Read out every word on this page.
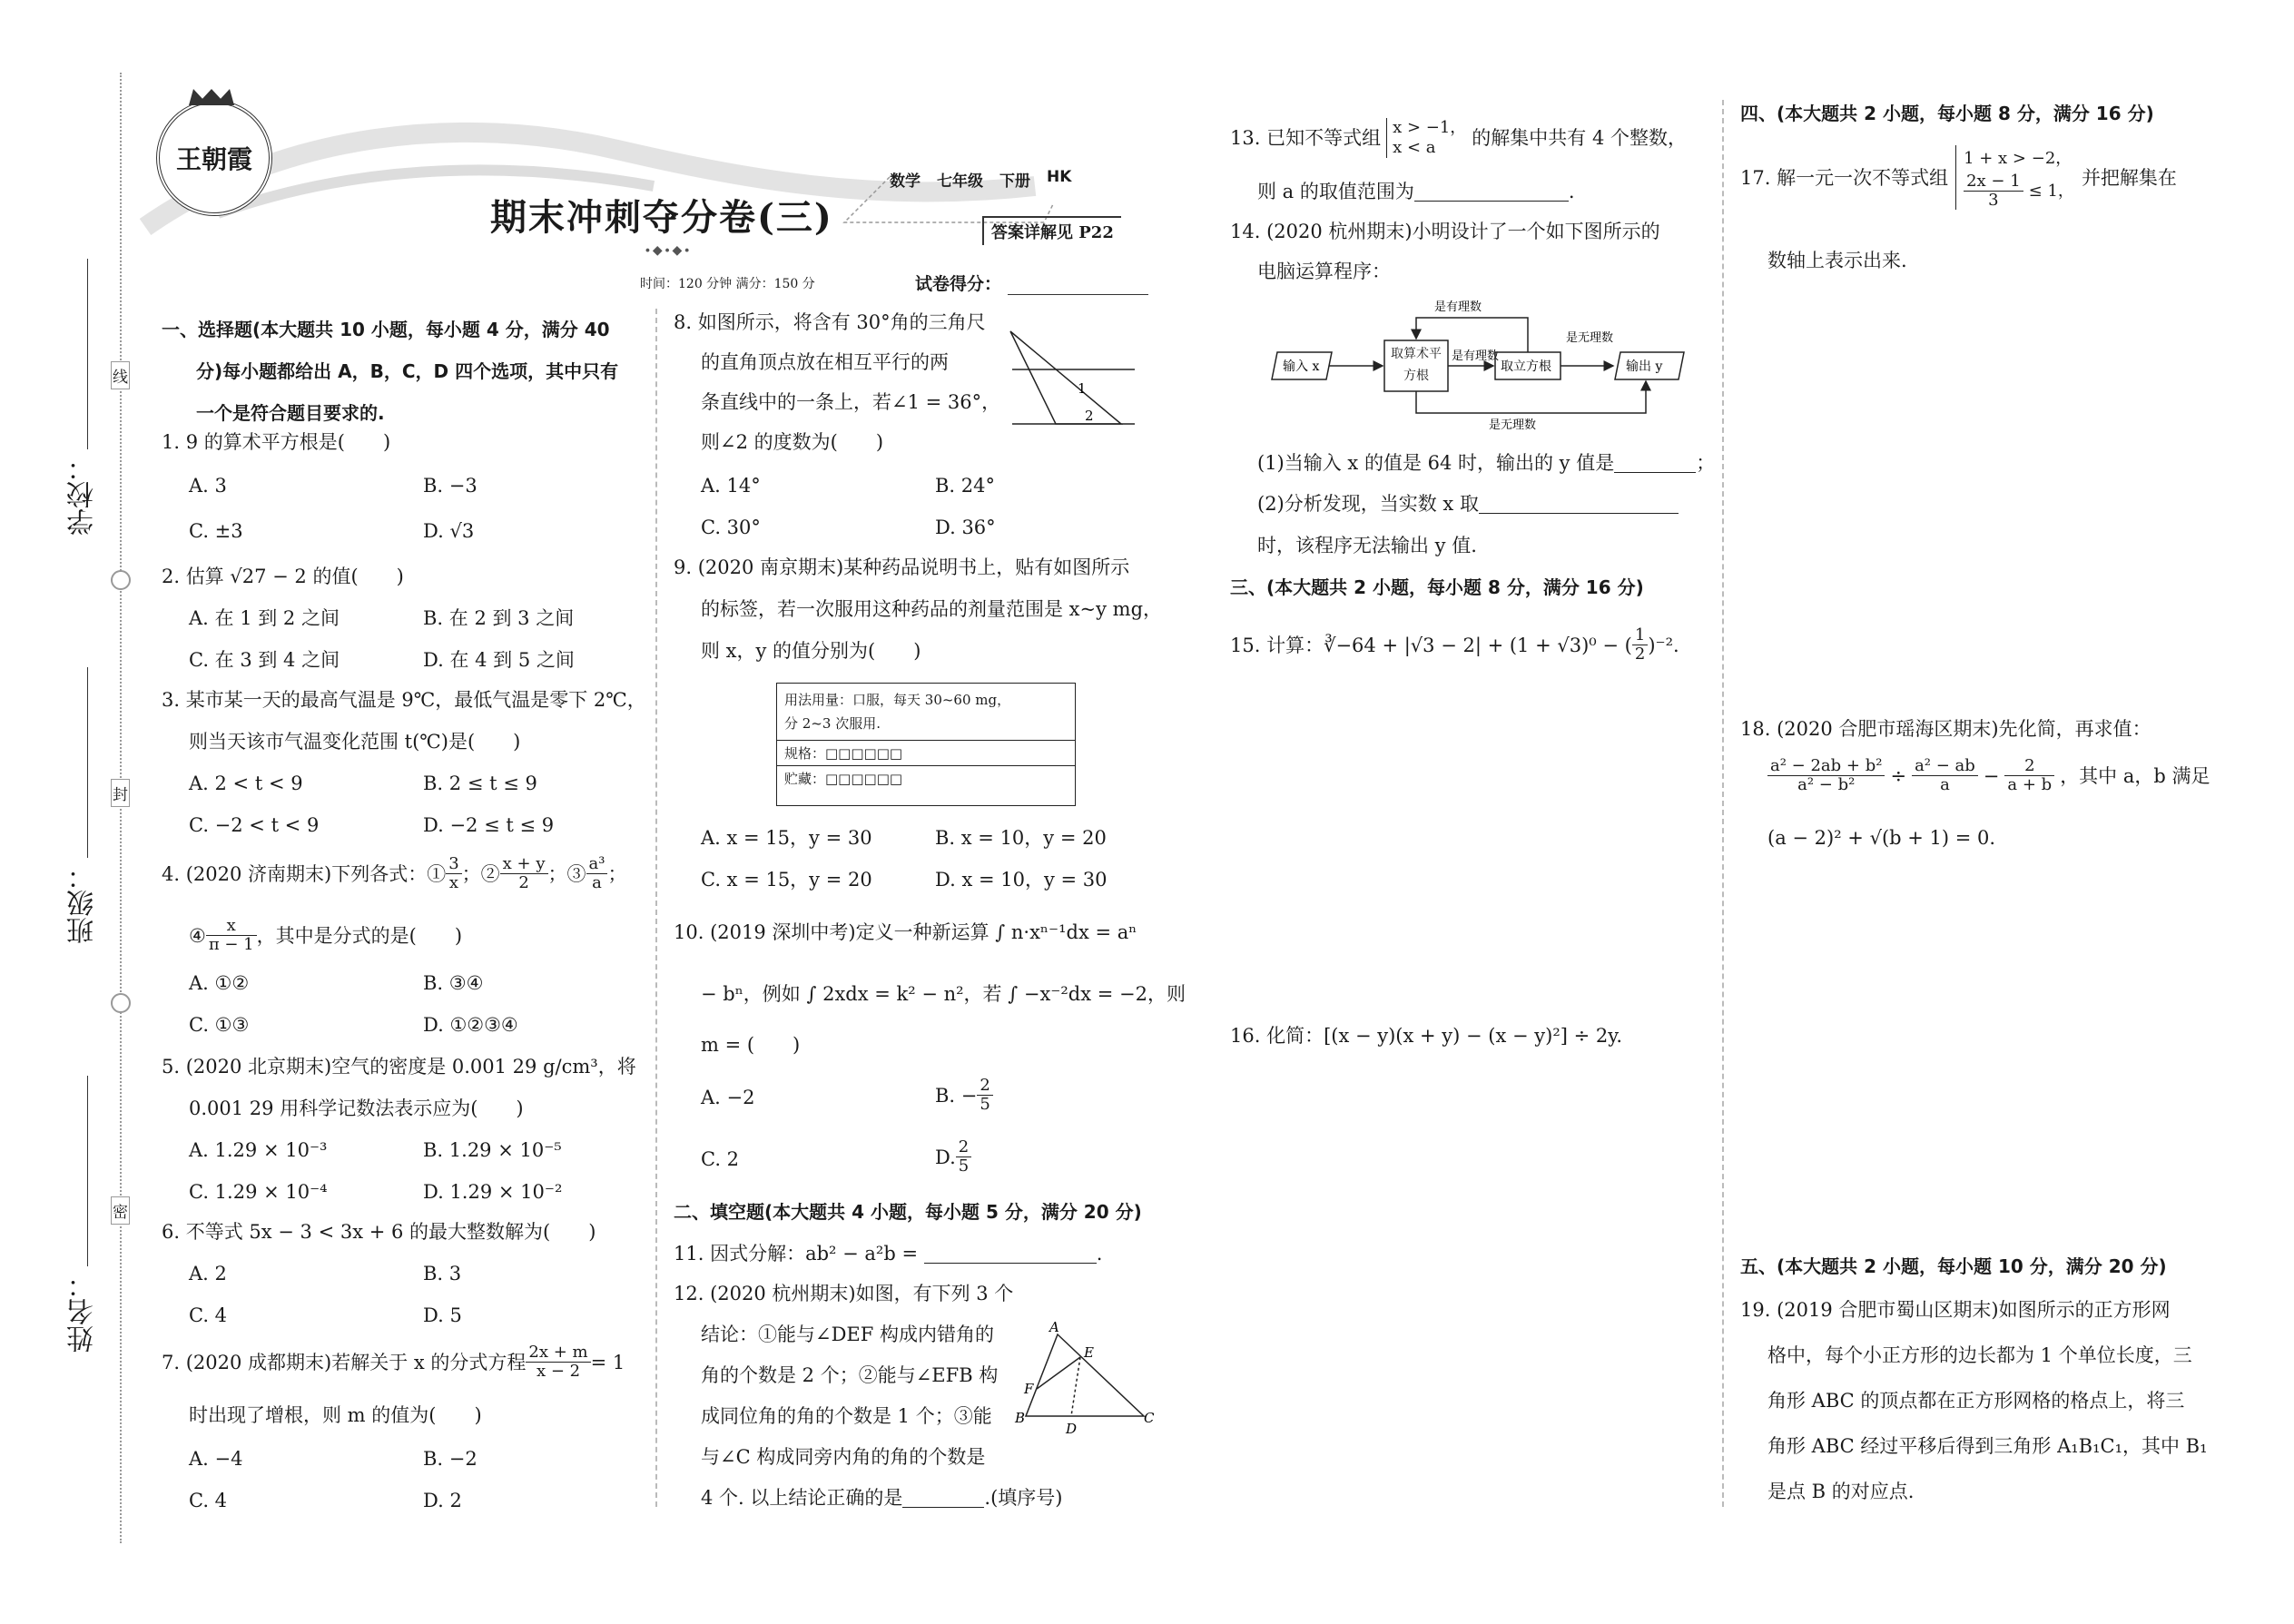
学校：
班级：
姓名：
线
封
密
王朝霞
期末冲刺夺分卷(三)
∙◆∙◆∙
数学 七年级 下册 HK
答案详解见 P22
时间：120 分钟 满分：150 分	试卷得分：
一、选择题(本大题共 10 小题，每小题 4 分，满分 40
分)每小题都给出 A，B，C，D 四个选项，其中只有
一个是符合题目要求的.
1. 9 的算术平方根是(　　)
A. 3	B. −3
C. ±3	D. √3
2. 估算 √27 − 2 的值(　　)
A. 在 1 到 2 之间	B. 在 2 到 3 之间
C. 在 3 到 4 之间	D. 在 4 到 5 之间
3. 某市某一天的最高气温是 9℃，最低气温是零下 2℃，
则当天该市气温变化范围 t(℃)是(　　)
A. 2 < t < 9	B. 2 ≤ t ≤ 9
C. −2 < t < 9	D. −2 ≤ t ≤ 9
4. (2020 济南期末)下列各式：① $\frac{3}{x}$ ；② $\frac{x + y}{2}$ ；③ $\frac{\text{a³}}{a}$ ；
④ $\frac{x}{\pi - 1}$ ，其中是分式的是(　　)
A. ①②	B. ③④
C. ①③	D. ①②③④
5. (2020 北京期末)空气的密度是 0.001 29 g/cm³，将
0.001 29 用科学记数法表示应为(　　)
A. 1.29 × 10⁻³	B. 1.29 × 10⁻⁵
C. 1.29 × 10⁻⁴	D. 1.29 × 10⁻²
6. 不等式 5x − 3 < 3x + 6 的最大整数解为(　　)
A. 2	B. 3
C. 4	D. 5
7. (2020 成都期末)若解关于 x 的分式方程 $\frac{2x + m}{x - 2} = 1$
时出现了增根，则 m 的值为(　　)
A. −4	B. −2
C. 4	D. 2
8. 如图所示，将含有 30°角的三角尺
的直角顶点放在相互平行的两
条直线中的一条上，若∠1 = 36°，
则∠2 的度数为(　　)
1
2
A. 14°	B. 24°
C. 30°	D. 36°
9. (2020 南京期末)某种药品说明书上，贴有如图所示
的标签，若一次服用这种药品的剂量范围是 x~y mg，
则 x，y 的值分别为(　　)
用法用量：口服，每天 30~60 mg，
分 2~3 次服用.
规格：□□□□□□
贮藏：□□□□□□
A. x = 15，y = 30	B. x = 10，y = 20
C. x = 15，y = 20	D. x = 10，y = 30
10. (2019 深圳中考)定义一种新运算 ∫ n·xⁿ⁻¹dx = aⁿ
− bⁿ，例如 ∫ 2xdx = k² − n²，若 ∫ −x⁻²dx = −2，则
m = (　　)
A. −2	B. − $\frac{2}{5}$
C. 2	D. $\frac{2}{5}$
二、填空题(本大题共 4 小题，每小题 5 分，满分 20 分)
11. 因式分解：ab² − a²b =	.
12. (2020 杭州期末)如图，有下列 3 个
结论：①能与∠DEF 构成内错角的
角的个数是 2 个；②能与∠EFB 构
成同位角的角的个数是 1 个；③能
与∠C 构成同旁内角的角的个数是
4 个. 以上结论正确的是	.(填序号)
A
E
F
B
D
C
13. 已知不等式组 x > −1，
x < a	的解集中共有 4 个整数，
则 a 的取值范围为	.
14. (2020 杭州期末)小明设计了一个如下图所示的
电脑运算程序：
输入 x
取算术平方根
是有理数
取立方根
是无理数
输出 y
是有理数
是无理数
(1)当输入 x 的值是 64 时，输出的 y 值是	；
(2)分析发现，当实数 x 取
时，该程序无法输出 y 值.
三、(本大题共 2 小题，每小题 8 分，满分 16 分)
15. 计算：∛−64 + |√3 − 2| + (1 + √3)⁰ − ( $\frac{1}{2} )^{-2}$.
16. 化简：[(x − y)(x + y) − (x − y)²] ÷ 2y.
四、(本大题共 2 小题，每小题 8 分，满分 16 分)
17. 解一元一次不等式组
1 + x > −2，
$\frac{2x - 1}{3} \le 1$，
并把解集在
数轴上表示出来.
18. (2020 合肥市瑶海区期末)先化简，再求值：
$\frac{\text{a² − 2ab + b²}}{\text{a² − b²}} \div \frac{\text{a² − ab}}{a} - \frac{2}{a + b}$ ，其中 a，b 满足
(a − 2)² + √(b + 1) = 0.
五、(本大题共 2 小题，每小题 10 分，满分 20 分)
19. (2019 合肥市蜀山区期末)如图所示的正方形网
格中，每个小正方形的边长都为 1 个单位长度，三
角形 ABC 的顶点都在正方形网格的格点上，将三
角形 ABC 经过平移后得到三角形 A₁B₁C₁，其中 B₁
是点 B 的对应点.
